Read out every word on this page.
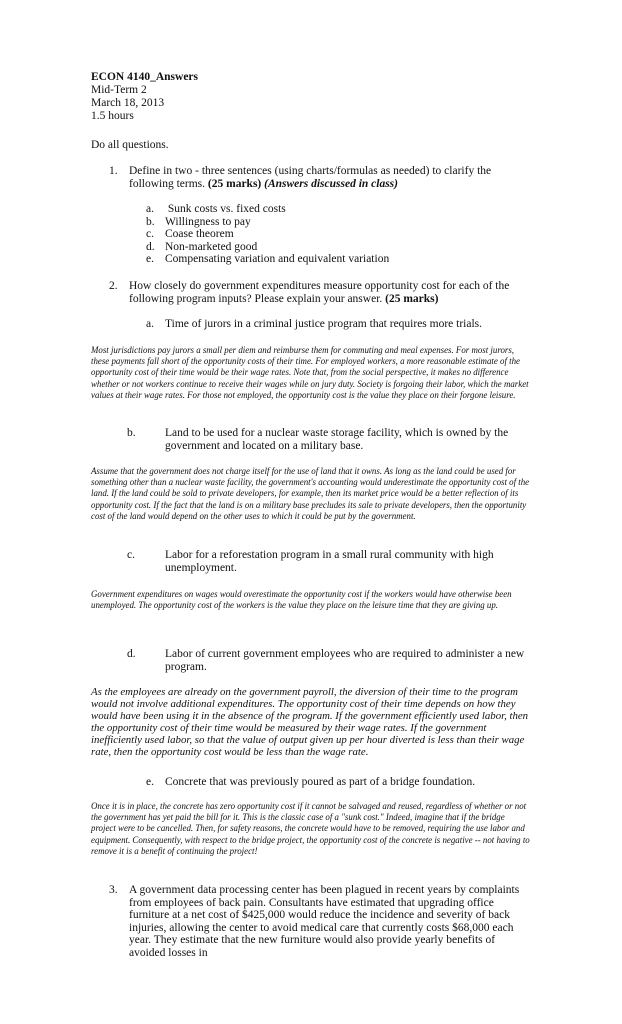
ECON 4140_Answers
Mid-Term 2
March 18, 2013
1.5 hours
Do all questions.
1. Define in two - three sentences (using charts/formulas as needed) to clarify the following terms. (25 marks) (Answers discussed in class)
a. Sunk costs vs. fixed costs
b. Willingness to pay
c. Coase theorem
d. Non-marketed good
e. Compensating variation and equivalent variation
2. How closely do government expenditures measure opportunity cost for each of the following program inputs? Please explain your answer. (25 marks)
a. Time of jurors in a criminal justice program that requires more trials.
Most jurisdictions pay jurors a small per diem and reimburse them for commuting and meal expenses. For most jurors, these payments fall short of the opportunity costs of their time. For employed workers, a more reasonable estimate of the opportunity cost of their time would be their wage rates. Note that, from the social perspective, it makes no difference whether or not workers continue to receive their wages while on jury duty. Society is forgoing their labor, which the market values at their wage rates. For those not employed, the opportunity cost is the value they place on their forgone leisure.
b.	Land to be used for a nuclear waste storage facility, which is owned by the government and located on a military base.
Assume that the government does not charge itself for the use of land that it owns. As long as the land could be used for something other than a nuclear waste facility, the government's accounting would underestimate the opportunity cost of the land. If the land could be sold to private developers, for example, then its market price would be a better reflection of its opportunity cost. If the fact that the land is on a military base precludes its sale to private developers, then the opportunity cost of the land would depend on the other uses to which it could be put by the government.
c.	Labor for a reforestation program in a small rural community with high unemployment.
Government expenditures on wages would overestimate the opportunity cost if the workers would have otherwise been unemployed. The opportunity cost of the workers is the value they place on the leisure time that they are giving up.
d.	Labor of current government employees who are required to administer a new program.
As the employees are already on the government payroll, the diversion of their time to the program would not involve additional expenditures. The opportunity cost of their time depends on how they would have been using it in the absence of the program. If the government efficiently used labor, then the opportunity cost of their time would be measured by their wage rates. If the government inefficiently used labor, so that the value of output given up per hour diverted is less than their wage rate, then the opportunity cost would be less than the wage rate.
e. Concrete that was previously poured as part of a bridge foundation.
Once it is in place, the concrete has zero opportunity cost if it cannot be salvaged and reused, regardless of whether or not the government has yet paid the bill for it. This is the classic case of a "sunk cost." Indeed, imagine that if the bridge project were to be cancelled. Then, for safety reasons, the concrete would have to be removed, requiring the use labor and equipment. Consequently, with respect to the bridge project, the opportunity cost of the concrete is negative -- not having to remove it is a benefit of continuing the project!
3. A government data processing center has been plagued in recent years by complaints from employees of back pain. Consultants have estimated that upgrading office furniture at a net cost of $425,000 would reduce the incidence and severity of back injuries, allowing the center to avoid medical care that currently costs $68,000 each year. They estimate that the new furniture would also provide yearly benefits of avoided losses in
